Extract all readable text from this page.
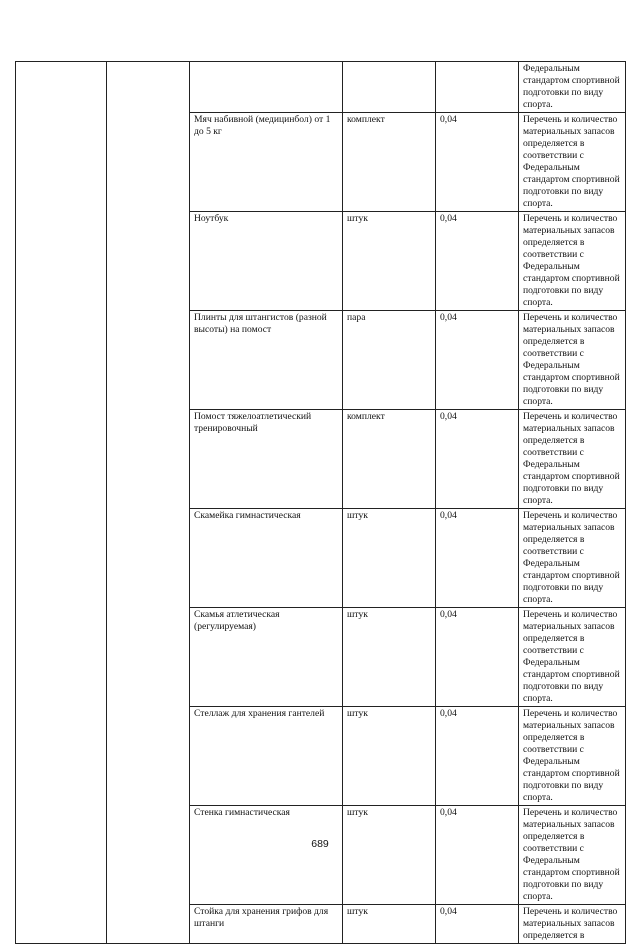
					Федеральным стандартом спортивной подготовки по виду спорта.
		Мяч набивной (медицинбол) от 1 до 5 кг	комплект	0,04	Перечень и количество материальных запасов определяется в соответствии с Федеральным стандартом спортивной подготовки по виду спорта.
		Ноутбук	штук	0,04	Перечень и количество материальных запасов определяется в соответствии с Федеральным стандартом спортивной подготовки по виду спорта.
		Плинты для штангистов (разной высоты) на помост	пара	0,04	Перечень и количество материальных запасов определяется в соответствии с Федеральным стандартом спортивной подготовки по виду спорта.
		Помост тяжелоатлетический тренировочный	комплект	0,04	Перечень и количество материальных запасов определяется в соответствии с Федеральным стандартом спортивной подготовки по виду спорта.
		Скамейка гимнастическая	штук	0,04	Перечень и количество материальных запасов определяется в соответствии с Федеральным стандартом спортивной подготовки по виду спорта.
		Скамья атлетическая (регулируемая)	штук	0,04	Перечень и количество материальных запасов определяется в соответствии с Федеральным стандартом спортивной подготовки по виду спорта.
		Стеллаж для хранения гантелей	штук	0,04	Перечень и количество материальных запасов определяется в соответствии с Федеральным стандартом спортивной подготовки по виду спорта.
		Стенка гимнастическая	штук	0,04	Перечень и количество материальных запасов определяется в соответствии с Федеральным стандартом спортивной подготовки по виду спорта.
		Стойка для хранения грифов для штанги	штук	0,04	Перечень и количество материальных запасов определяется в
689
